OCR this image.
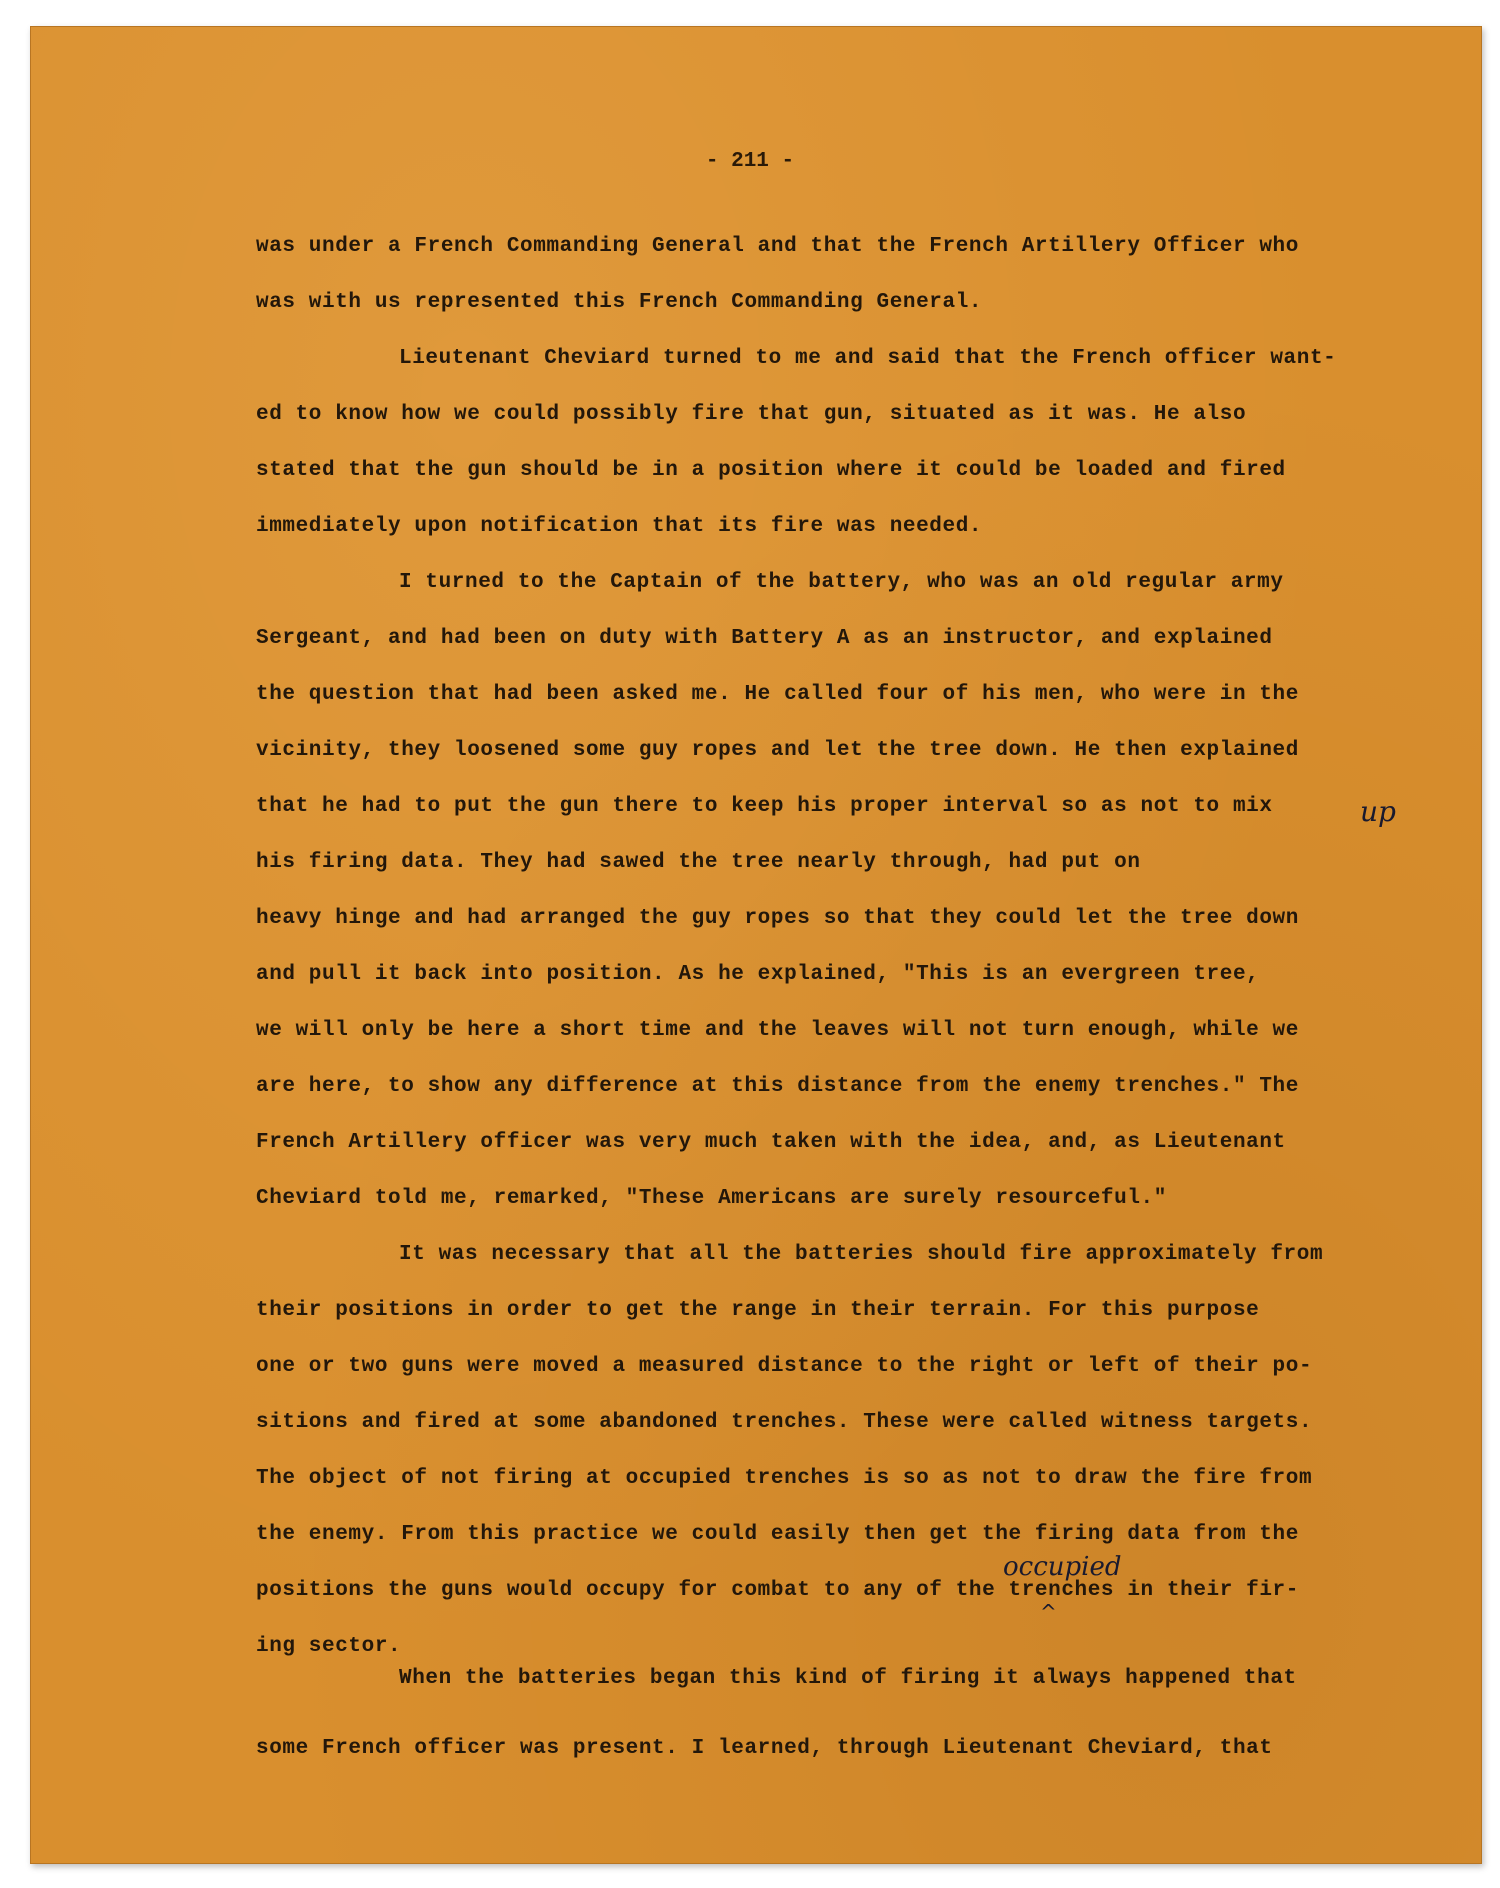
- 211 -
was under a French Commanding General and that the French Artillery Officer who
was with us represented this French Commanding General.
Lieutenant Cheviard turned to me and said that the French officer want-
ed to know how we could possibly fire that gun, situated as it was. He also
stated that the gun should be in a position where it could be loaded and fired
immediately upon notification that its fire was needed.
I turned to the Captain of the battery, who was an old regular army
Sergeant, and had been on duty with Battery A as an instructor, and explained
the question that had been asked me. He called four of his men, who were in the
vicinity, they loosened some guy ropes and let the tree down. He then explained
that he had to put the gun there to keep his proper interval so as not to mix
his firing data. They had sawed the tree nearly through, had put on
heavy hinge and had arranged the guy ropes so that they could let the tree down
and pull it back into position. As he explained, "This is an evergreen tree,
we will only be here a short time and the leaves will not turn enough, while we
are here, to show any difference at this distance from the enemy trenches." The
French Artillery officer was very much taken with the idea, and, as Lieutenant
Cheviard told me, remarked, "These Americans are surely resourceful."
It was necessary that all the batteries should fire approximately from
their positions in order to get the range in their terrain. For this purpose
one or two guns were moved a measured distance to the right or left of their po-
sitions and fired at some abandoned trenches. These were called witness targets.
The object of not firing at occupied trenches is so as not to draw the fire from
the enemy. From this practice we could easily then get the firing data from the
positions the guns would occupy for combat to any of the trenches in their fir-
ing sector.
When the batteries began this kind of firing it always happened that
some French officer was present. I learned, through Lieutenant Cheviard, that
up
occupied
^
